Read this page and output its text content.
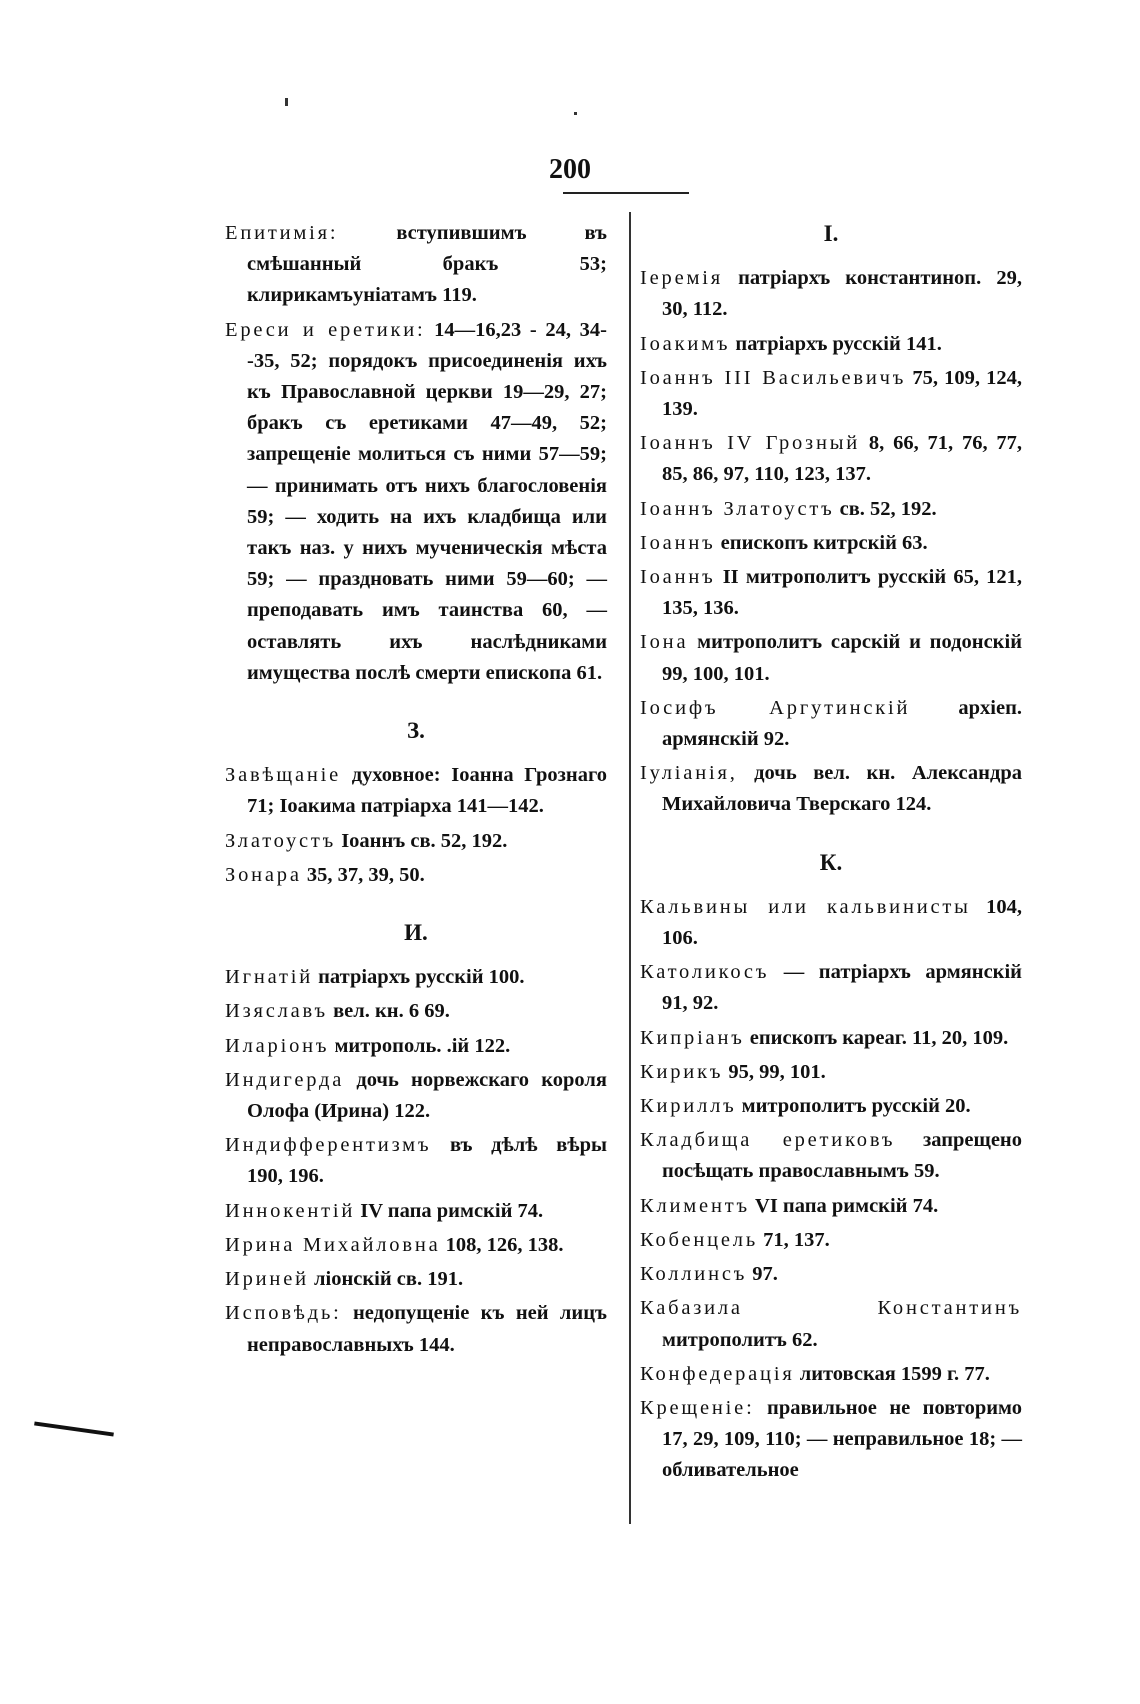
200
Епитимія: вступившимъ въ смѣшанный бракъ 53; клирикамъуніатамъ 119.
Ереси и еретики: 14—16,23 - 24, 34--35, 52; порядокъ присоединенія ихъ къ Православной церкви 19—29, 27; бракъ съ еретиками 47—49, 52; запрещеніе молиться съ ними 57—59; — принимать отъ нихъ благословенія 59; — ходить на ихъ кладбища или такъ наз. у нихъ мученическія мѣста 59; — праздновать ними 59—60; — преподавать имъ таинства 60, — оставлять ихъ наслѣдниками имущества послѣ смерти епископа 61.
З.
Завѣщаніе духовное: Іоанна Грознаго 71; Іоакима патріарха 141—142.
Златоустъ Іоаннъ св. 52, 192.
Зонара 35, 37, 39, 50.
И.
Игнатій патріархъ русскій 100.
Изяславъ вел. кн. 6 69.
Иларіонъ митрополь. .ій 122.
Индигерда дочь норвежскаго короля Олофа (Ирина) 122.
Индифферентизмъ въ дѣлѣ вѣры 190, 196.
Иннокентій IV папа римскій 74.
Ирина Михайловна 108, 126, 138.
Ириней ліонскій св. 191.
Исповѣдь: недопущеніе къ ней лицъ неправославныхъ 144.
I.
Іеремія патріархъ константиноп. 29, 30, 112.
Іоакимъ патріархъ русскій 141.
Іоаннъ III Васильевичъ 75, 109, 124, 139.
Іоаннъ IV Грозный 8, 66, 71, 76, 77, 85, 86, 97, 110, 123, 137.
Іоаннъ Златоустъ св. 52, 192.
Іоаннъ епископъ китрскій 63.
Іоаннъ II митрополитъ русскій 65, 121, 135, 136.
Іона митрополитъ сарскій и подонскій 99, 100, 101.
Іосифъ Аргутинскій архіеп. армянскій 92.
Іуліанія, дочь вел. кн. Александра Михайловича Тверскаго 124.
К.
Кальвины или кальвинисты 104, 106.
Католикосъ — патріархъ армянскій 91, 92.
Кипріанъ епископъ кареаг. 11, 20, 109.
Кирикъ 95, 99, 101.
Кириллъ митрополитъ русскій 20.
Кладбища еретиковъ запрещено посѣщать православнымъ 59.
Климентъ VI папа римскій 74.
Кобенцель 71, 137.
Коллинсъ 97.
Кабазила Константинъ митрополитъ 62.
Конфедерація литовская 1599 г. 77.
Крещеніе: правильное не повторимо 17, 29, 109, 110; — неправильное 18; — обливательное
